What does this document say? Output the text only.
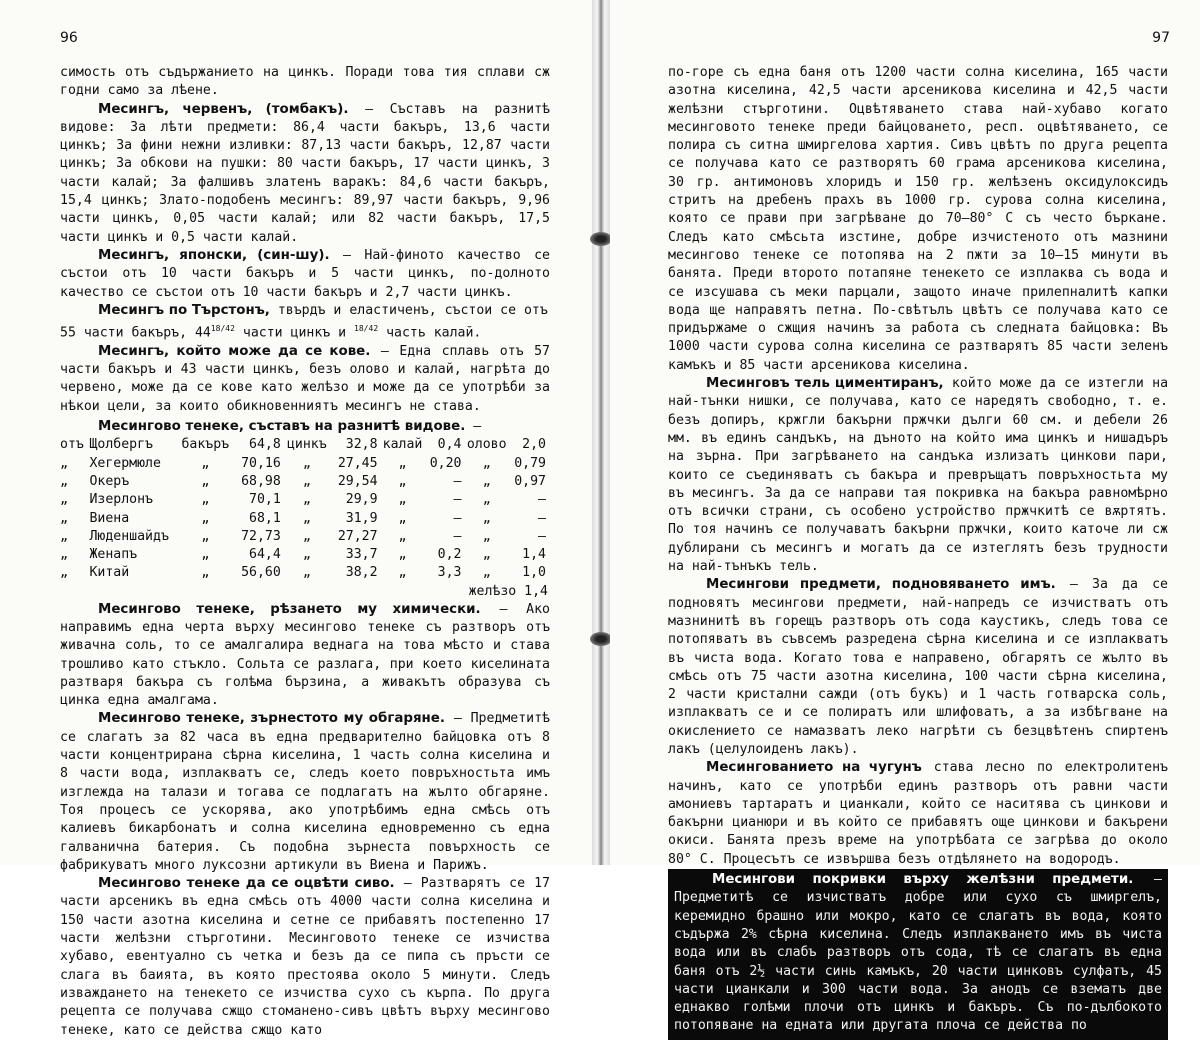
96

симость отъ съдържанието на цинкъ. Поради това тия сплави сж годни само за лѣене.

Месингъ, червенъ, (томбакъ). — Съставъ на разнитѣ видове: За лѣти предмети: 86,4 части бакъръ, 13,6 части цинкъ; За фини нежни изливки: 87,13 части бакъръ, 12,87 части цинкъ; За обкови на пушки: 80 части бакъръ, 17 части цинкъ, 3 части калай; За фалшивъ златенъ варакъ: 84,6 части бакъръ, 15,4 цинкъ; Злато-подобенъ месингъ: 89,97 части бакъръ, 9,96 части цинкъ, 0,05 части калай; или 82 части бакъръ, 17,5 части цинкъ и 0,5 части калай.

Месингъ, японски, (син-шу). — Най-финото качество се състои отъ 10 части бакъръ и 5 части цинкъ, по-долното качество се състои отъ 10 части бакъръ и 2,7 части цинкъ.

Месингъ по Търстонъ, твърдъ и еластиченъ, състои се отъ
55 части бакъръ, $44^{18/42}$ части цинкъ и $^{18/42}$ часть калай.

Месингъ, който може да се кове. — Една сплавь отъ 57 части бакъръ и 43 части цинкъ, безъ олово и калай, нагрѣта до червено, може да се кове като желѣзо и може да се употрѣби за нѣкои цели, за които обикновенниятъ месингъ не става.

Месингово тенеке, съставъ на разнитѣ видове. —

отъ	Щолбергъ	бакъръ	64,8	цинкъ	32,8	калай	0,4	олово	2,0
„	Хегермюле	„	70,16	„	27,45	„	0,20	„	0,79
„	Океръ	„	68,98	„	29,54	„	—	„	0,97
„	Изерлонъ	„	70,1	„	29,9	„	—	„	—
„	Виена	„	68,1	„	31,9	„	—	„	—
„	Люденшайдъ	„	72,73	„	27,27	„	—	„	—
„	Женапъ	„	64,4	„	33,7	„	0,2	„	1,4
„	Китай	„	56,60	„	38,2	„	3,3	„	1,0
желѣзо 1,4

Месингово тенеке, рѣзането му химически. — Ако направимъ една черта върху месингово тенеке съ разтворъ отъ живачна соль, то се амалгалира веднага на това мѣсто и става трошливо като стъкло. Сольта се разлага, при което киселината разтваря бакъра съ голѣма бързина, а живакътъ образува съ цинка една амалгама.

Месингово тенеке, зърнестото му обгаряне. — Предметитѣ се слагатъ за 82 часа въ една предварително байцовка отъ 8 части концентрирана сѣрна киселина, 1 часть солна киселина и 8 части вода, изплакватъ се, следъ което повръхностьта имъ изглежда на талази и тогава се подлагатъ на жълто обгаряне. Тоя процесъ се ускорява, ако употрѣбимъ една смѣсь отъ калиевъ бикарбонатъ и солна киселина едновременно съ една галванична батерия. Съ подобна зърнеста повърхность се фабрикуватъ много луксозни артикули въ Виена и Парижъ.

Месингово тенеке да се оцвѣти сиво. — Разтварятъ се 17 части арсеникъ въ една смѣсь отъ 4000 части солна киселина и 150 части азотна киселина и сетне се прибавятъ постепенно 17 части желѣзни стърготини. Месинговото тенеке се изчиства хубаво, евентуално съ четка и безъ да се пипа съ пръсти се слага въ баията, въ която престоява около 5 минути. Следъ изваждането на тенекето се изчиства сухо съ кърпа. По друга рецепта се получава сжщо стоманено-сивъ цвѣтъ върху месингово тенеке, като се действа сжщо като

97

по-горе съ една баня отъ 1200 части солна киселина, 165 части азотна киселина, 42,5 части арсеникова киселина и 42,5 части желѣзни стърготини. Оцвѣтяването става най-хубаво когато месинговото тенеке преди байцоването, респ. оцвѣтяването, се полира съ ситна шмиргелова хартия. Сивъ цвѣтъ по друга рецепта се получава като се разтворятъ 60 грама арсеникова киселина, 30 гр. антимоновъ хлоридъ и 150 гр. желѣзенъ оксидулоксидъ стритъ на дребенъ прахъ въ 1000 гр. сурова солна киселина, която се прави при загрѣване до 70—80° С съ често бъркане. Следъ като смѣсьта изстине, добре изчистеното отъ мазнини месингово тенеке се потопява на 2 пжти за 10—15 минути въ банята. Преди второто потапяне тенекето се изплаква съ вода и се изсушава съ меки парцали, защото иначе прилепналитѣ капки вода ще направятъ петна. По-свѣтълъ цвѣтъ се получава като се придържаме о сжщия начинъ за работа съ следната байцовка: Въ 1000 части сурова солна киселина се разтварятъ 85 части зеленъ камъкъ и 85 части арсеникова киселина.

Месинговъ тель циментиранъ, който може да се изтегли на най-тънки нишки, се получава, като се наредятъ свободно, т. е. безъ допиръ, кржгли бакърни пржчки дълги 60 см. и дебели 26 мм. въ единъ сандъкъ, на дъното на който има цинкъ и нишадъръ на зърна. При загрѣването на сандъка излизатъ цинкови пари, които се съединяватъ съ бакъра и превръщатъ повръхностьта му въ месингъ. За да се направи тая покривка на бакъра равномѣрно отъ всички страни, съ особено устройство пржчкитѣ се вѫртятъ. По тоя начинъ се получаватъ бакърни пржчки, които каточе ли сж дублирани съ месингъ и могатъ да се изтеглятъ безъ трудности на най-тънъкъ тель.

Месингови предмети, подновяването имъ. — За да се подновятъ месингови предмети, най-напредъ се изчистватъ отъ мазнинитѣ въ горещъ разтворъ отъ сода каустикъ, следъ това се потопяватъ въ съвсемъ разредена сѣрна киселина и се изплакватъ въ чиста вода. Когато това е направено, обгарятъ се жълто въ смѣсь отъ 75 части азотна киселина, 100 части сѣрна киселина, 2 части кристални сажди (отъ букъ) и 1 часть готварска соль, изплакватъ се и се полиратъ или шлифоватъ, а за избѣгване на окислението се намазватъ леко нагрѣти съ безцвѣтенъ спиртенъ лакъ (целулоиденъ лакъ).

Месингованието на чугунъ става лесно по електролитенъ начинъ, като се употрѣби единъ разтворъ отъ равни части амониевъ тартаратъ и цианкали, който се наситява съ цинкови и бакърни цианюри и въ който се прибавятъ още цинкови и бакърени окиси. Банята презъ време на употрѣбата се загрѣва до около 80° С. Процесътъ се извършва безъ отдѣлянето на водородъ.

Месингови покривки върху желѣзни предмети. — Предметитѣ се изчистватъ добре или сухо съ шмиргелъ, керемидно брашно или мокро, като се слагатъ въ вода, която съдържа 2% сѣрна киселина. Следъ изплакването имъ въ чиста вода или въ слабъ разтворъ отъ сода, тѣ се слагатъ въ една баня отъ 2½ части синь камъкъ, 20 части цинковъ сулфатъ, 45 части цианкали и 300 части вода. За анодъ се взематъ две еднакво голѣми плочи отъ цинкъ и бакъръ. Съ по-дълбокото потопяване на едната или другата плоча се действа по
